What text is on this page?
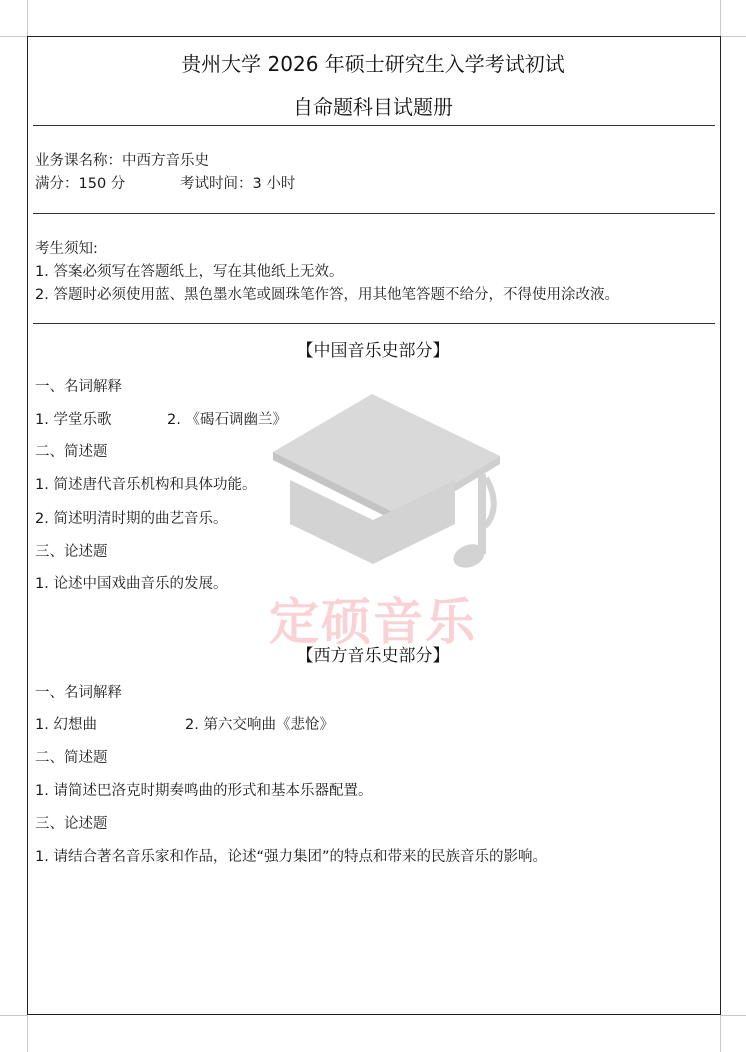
定硕音乐
贵州大学 2026 年硕士研究生入学考试初试
自命题科目试题册
业务课名称：中西方音乐史
满分：150 分	考试时间：3 小时
考生须知:
1. 答案必须写在答题纸上，写在其他纸上无效。
2. 答题时必须使用蓝、黑色墨水笔或圆珠笔作答，用其他笔答题不给分，不得使用涂改液。
【中国音乐史部分】
一、名词解释
1. 学堂乐歌	2. 《碣石调幽兰》
二、简述题
1. 简述唐代音乐机构和具体功能。
2. 简述明清时期的曲艺音乐。
三、论述题
1. 论述中国戏曲音乐的发展。
【西方音乐史部分】
一、名词解释
1. 幻想曲	2. 第六交响曲《悲怆》
二、简述题
1. 请简述巴洛克时期奏鸣曲的形式和基本乐器配置。
三、论述题
1. 请结合著名音乐家和作品，论述“强力集团”的特点和带来的民族音乐的影响。
